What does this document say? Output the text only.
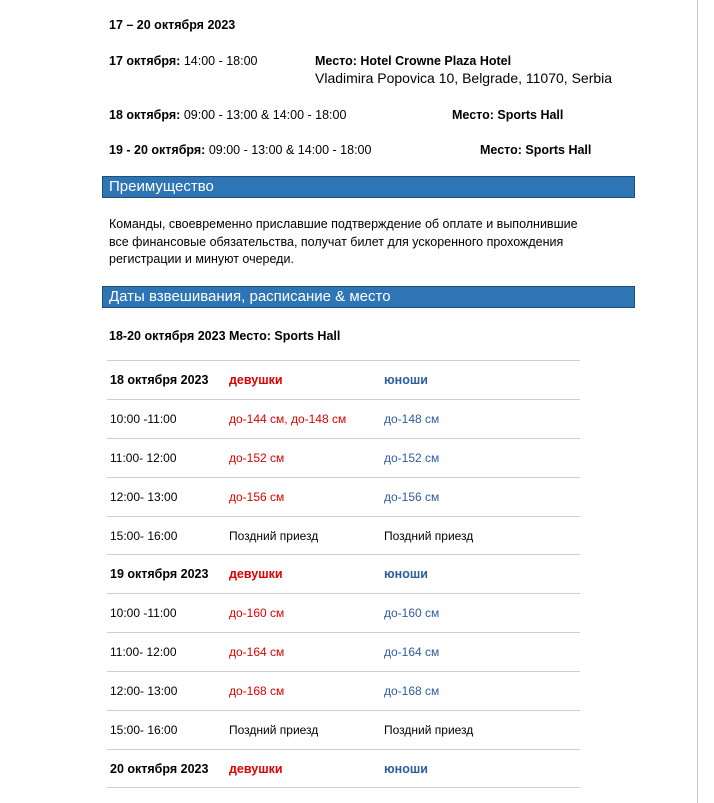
17 – 20 октября 2023
17 октября: 14:00 - 18:00	Место: Hotel Crowne Plaza Hotel
Vladimira Popovica 10, Belgrade, 11070, Serbia
18 октября: 09:00 - 13:00 & 14:00 - 18:00	Место: Sports Hall
19 - 20 октября: 09:00 - 13:00 & 14:00 - 18:00	Место: Sports Hall
Преимущество
Команды, своевременно приславшие подтверждение об оплате и выполнившие
все финансовые обязательства, получат билет для ускоренного прохождения
регистрации и минуют очереди.
Даты взвешивания, расписание & место
18-20 октября 2023 Место: Sports Hall
18 октября 2023 девушки	юноши
10:00 -11:00	до-144 см, до-148 см	до-148 см
11:00- 12:00	до-152 см	до-152 см
12:00- 13:00	до-156 см	до-156 см
15:00- 16:00	Поздний приезд	Поздний приезд
19 октября 2023 девушки	юноши
10:00 -11:00	до-160 см	до-160 см
11:00- 12:00	до-164 см	до-164 см
12:00- 13:00	до-168 см	до-168 см
15:00- 16:00	Поздний приезд	Поздний приезд
20 октября 2023 девушки	юноши
